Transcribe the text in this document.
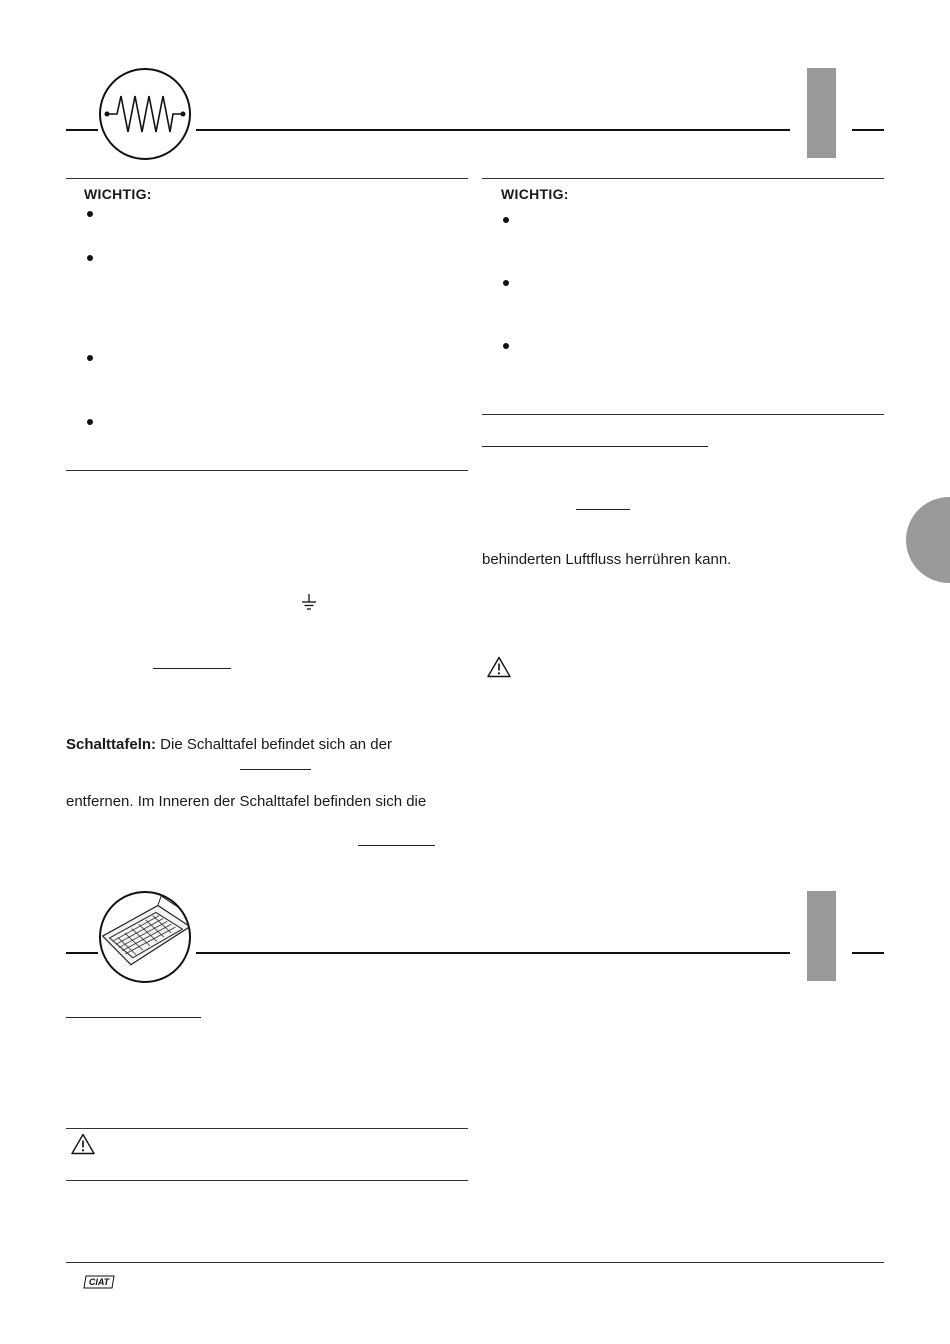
WICHTIG:	WICHTIG:
behinderten Luftfluss herrühren kann.
Schalttafeln: Die Schalttafel befindet sich an der
entfernen. Im Inneren der Schalttafel befinden sich die
CIAT
